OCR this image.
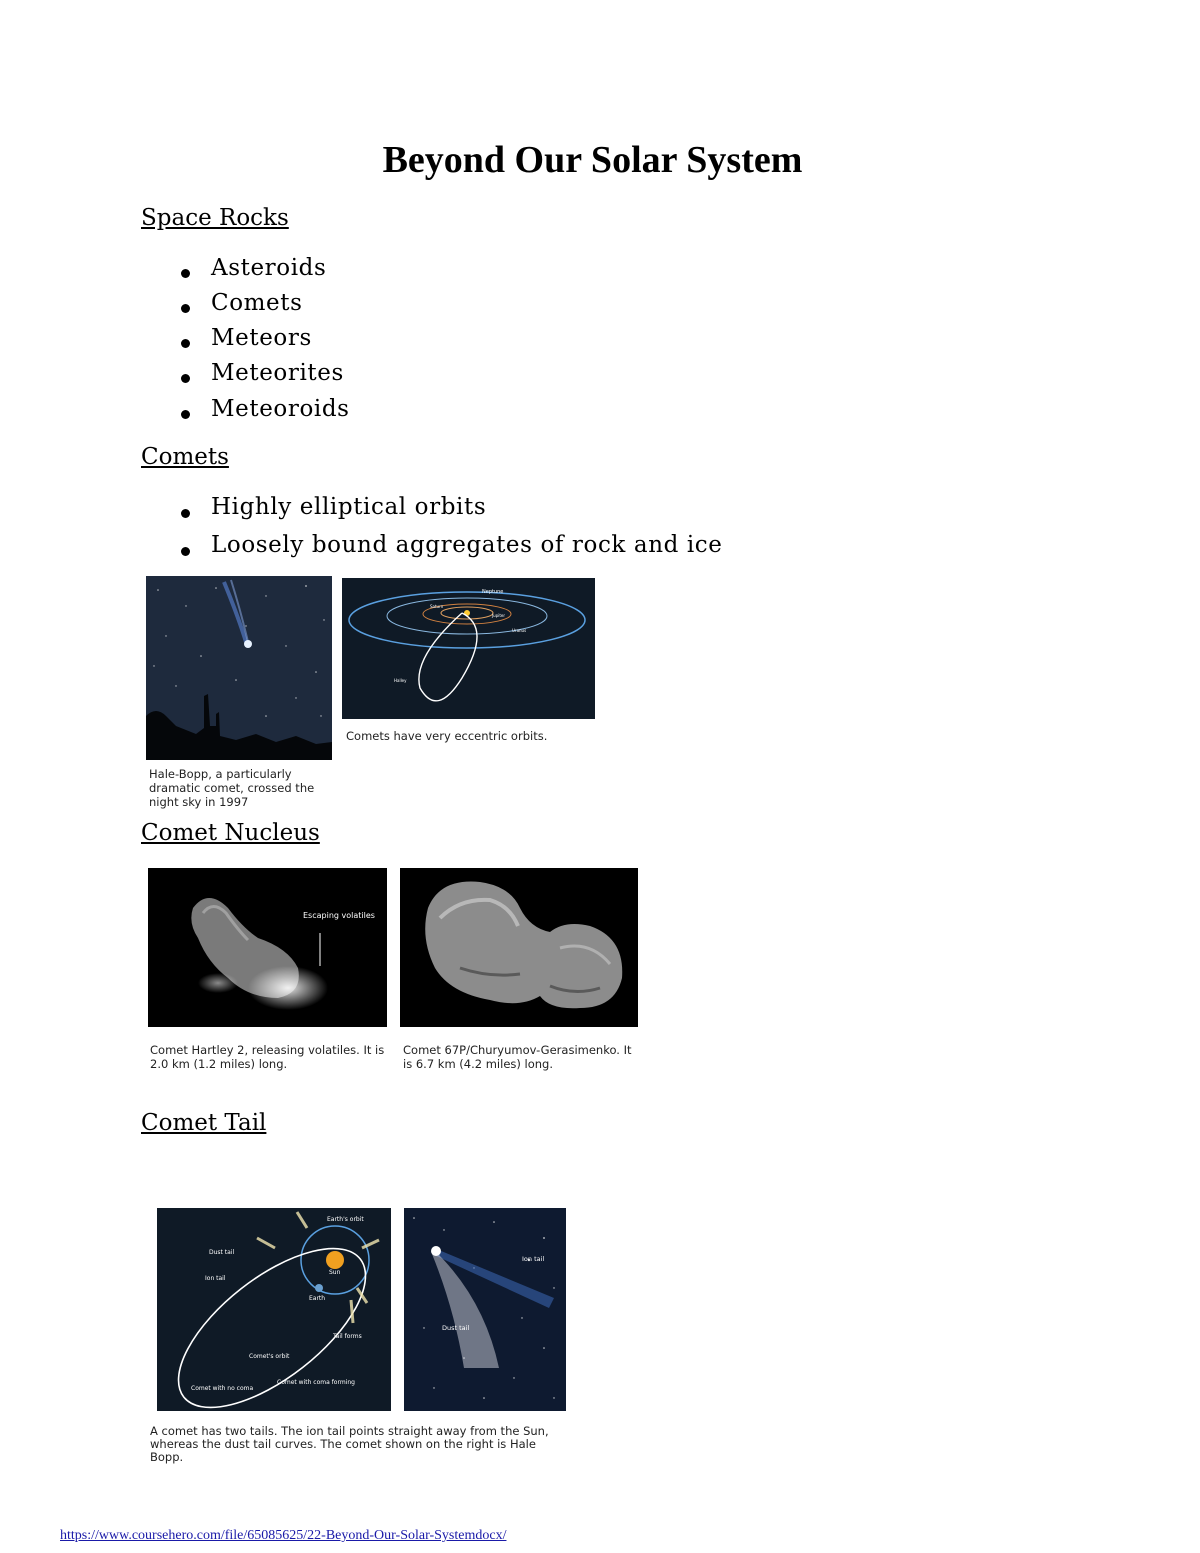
Beyond Our Solar System
Space Rocks
Asteroids
Comets
Meteors
Meteorites
Meteoroids
Comets
Highly elliptical orbits
Loosely bound aggregates of rock and ice
Hale-Bopp, a particularly dramatic comet, crossed the night sky in 1997
Neptune
Saturn
Jupiter
Uranus
Halley
Comets have very eccentric orbits.
Comet Nucleus
Escaping volatiles
Comet Hartley 2, releasing volatiles. It is 2.0 km (1.2 miles) long.
Comet 67P/Churyumov-Gerasimenko. It is 6.7 km (4.2 miles) long.
Comet Tail
Earth's orbit
Dust tail
Ion tail
Sun
Earth
Tail forms
Comet's orbit
Comet with no coma
Comet with coma forming
Ion tail
Dust tail
A comet has two tails. The ion tail points straight away from the Sun, whereas the dust tail curves. The comet shown on the right is Hale Bopp.
https://www.coursehero.com/file/65085625/22-Beyond-Our-Solar-Systemdocx/
